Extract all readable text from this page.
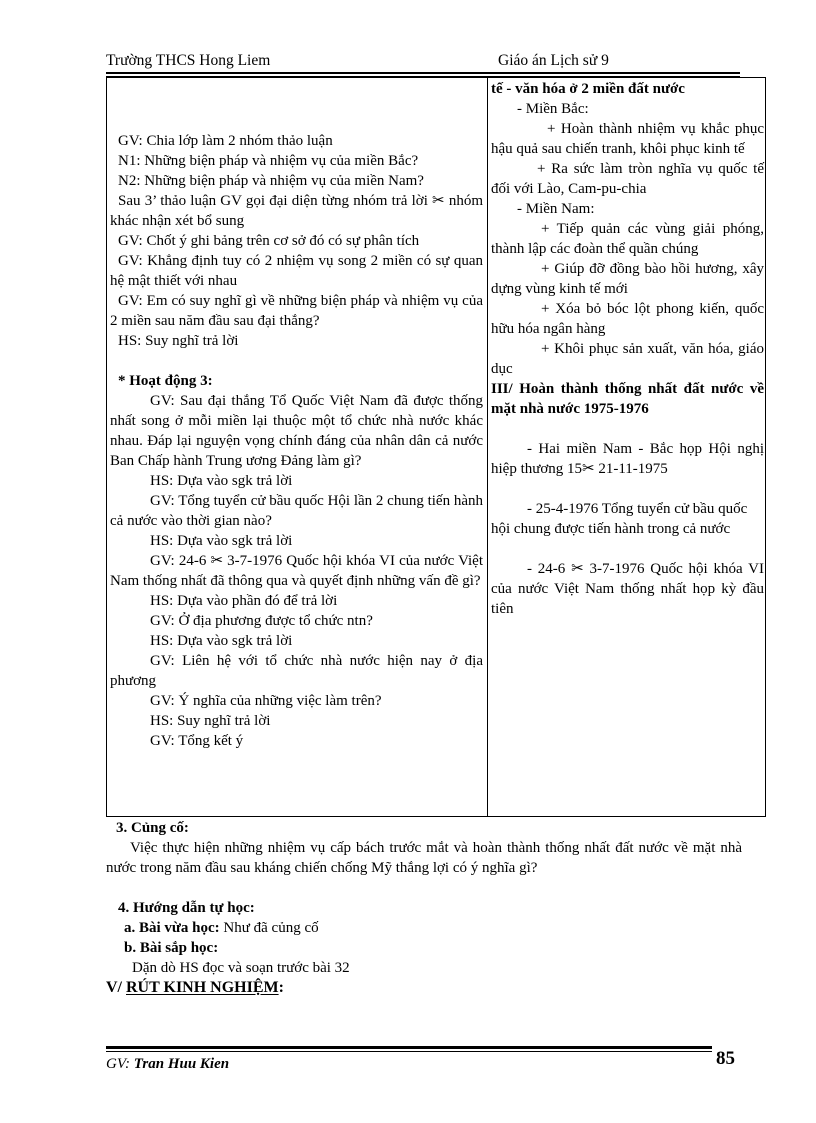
Trường THCS Hong Liem	Giáo án Lịch sử 9

GV: Chia lớp làm 2 nhóm thảo luận

N1: Những biện pháp và nhiệm vụ của miền Bắc?

N2: Những biện pháp và nhiệm vụ của miền Nam?

Sau 3’ thảo luận GV gọi đại diện từng nhóm trả lời ✂ nhóm khác nhận xét bổ sung

GV: Chốt ý ghi bảng trên cơ sở đó có sự phân tích

GV: Khẳng định tuy có 2 nhiệm vụ song 2 miền có sự quan hệ mật thiết với nhau

GV: Em có suy nghĩ gì về những biện pháp và nhiệm vụ của 2 miền sau năm đầu sau đại thắng?

HS: Suy nghĩ trả lời

* Hoạt động 3:

GV: Sau đại thắng Tổ Quốc Việt Nam đã được thống nhất song ở mỗi miền lại thuộc một tổ chức nhà nước khác nhau. Đáp lại nguyện vọng chính đáng của nhân dân cả nước Ban Chấp hành Trung ương Đảng làm gì?

HS: Dựa vào sgk trả lời

GV: Tổng tuyển cử bầu quốc Hội lần 2 chung tiến hành cả nước vào thời gian nào?

HS: Dựa vào sgk trả lời

GV: 24-6 ✂ 3-7-1976 Quốc hội khóa VI của nước Việt Nam thống nhất đã thông qua và quyết định những vấn đề gì?

HS: Dựa vào phần đó để trả lời

GV: Ở địa phương được tổ chức ntn?

HS: Dựa vào sgk trả lời

GV: Liên hệ với tổ chức nhà nước hiện nay ở địa phương

GV: Ý nghĩa của những việc làm trên?

HS: Suy nghĩ trả lời

GV: Tổng kết ý

tế - văn hóa ở 2 miền đất nước

- Miền Bắc:

+ Hoàn thành nhiệm vụ khắc phục hậu quả sau chiến tranh, khôi phục kinh tế

+ Ra sức làm tròn nghĩa vụ quốc tế đối với Lào, Cam-pu-chia

- Miền Nam:

+ Tiếp quản các vùng giải phóng, thành lập các đoàn thể quần chúng

+ Giúp đỡ đồng bào hồi hương, xây dựng vùng kinh tế mới

+ Xóa bỏ bóc lột phong kiến, quốc hữu hóa ngân hàng

+ Khôi phục sản xuất, văn hóa, giáo dục

III/ Hoàn thành thống nhất đất nước về mặt nhà nước 1975-1976

- Hai miền Nam - Bắc họp Hội nghị hiệp thương 15✂ 21-11-1975

- 25-4-1976 Tổng tuyển cử bầu quốc hội chung được tiến hành trong cả nước

- 24-6 ✂ 3-7-1976 Quốc hội khóa VI của nước Việt Nam thống nhất họp kỳ đầu tiên

3. Củng cố:

Việc thực hiện những nhiệm vụ cấp bách trước mắt và hoàn thành thống nhất đất nước về mặt nhà nước trong năm đầu sau kháng chiến chống Mỹ thắng lợi có ý nghĩa gì?

4. Hướng dẫn tự học:

a. Bài vừa học: Như đã củng cố

b. Bài sắp học:

Dặn dò HS đọc và soạn trước bài 32

V/ RÚT KINH NGHIỆM:
GV: Tran Huu Kien	85
